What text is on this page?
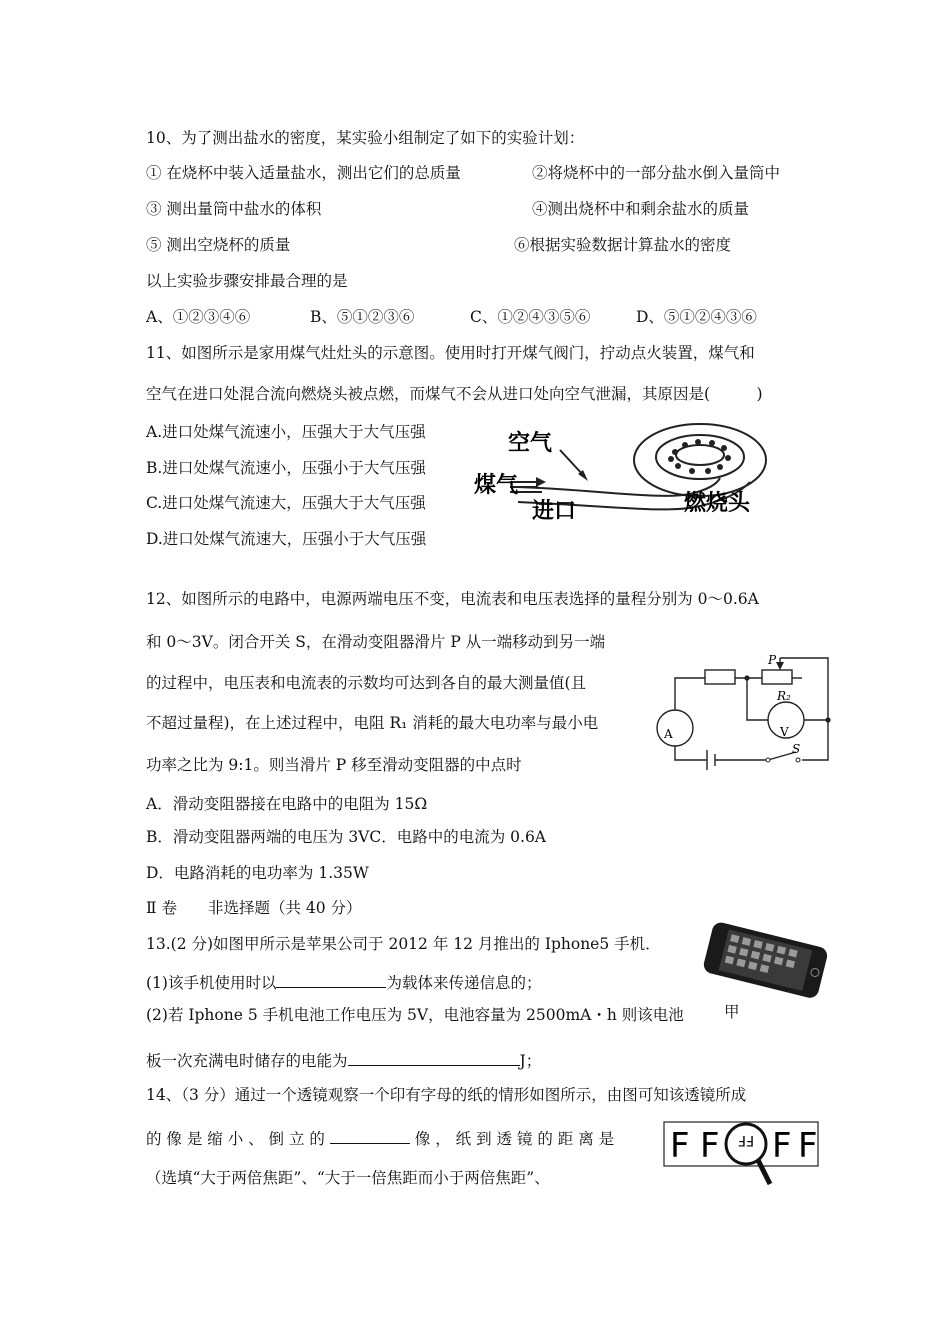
10、为了测出盐水的密度，某实验小组制定了如下的实验计划：
① 在烧杯中装入适量盐水，测出它们的总质量	②将烧杯中的一部分盐水倒入量筒中
③ 测出量筒中盐水的体积	④测出烧杯中和剩余盐水的质量
⑤ 测出空烧杯的质量	⑥根据实验数据计算盐水的密度
以上实验步骤安排最合理的是
A、①②③④⑥	B、⑤①②③⑥	C、①②④③⑤⑥	D、⑤①②④③⑥
11、如图所示是家用煤气灶灶头的示意图。使用时打开煤气阀门，拧动点火装置，煤气和
空气在进口处混合流向燃烧头被点燃，而煤气不会从进口处向空气泄漏，其原因是(　　　)
A.进口处煤气流速小，压强大于大气压强
B.进口处煤气流速小，压强小于大气压强
C.进口处煤气流速大，压强大于大气压强
D.进口处煤气流速大，压强小于大气压强
空气
煤气
进口	燃烧头
12、如图所示的电路中，电源两端电压不变，电流表和电压表选择的量程分别为 0～0.6A
和 0～3V。闭合开关 S，在滑动变阻器滑片 P 从一端移动到另一端
的过程中，电压表和电流表的示数均可达到各自的最大测量值(且
不超过量程)，在上述过程中，电阻 R₁ 消耗的最大电功率与最小电
功率之比为 9:1。则当滑片 P 移至滑动变阻器的中点时
A．滑动变阻器接在电路中的电阻为 15Ω
B．滑动变阻器两端的电压为 3VC．电路中的电流为 0.6A
D．电路消耗的电功率为 1.35W
P
R₂
V
A
S
Ⅱ 卷　　非选择题（共 40 分）
13.(2 分)如图甲所示是苹果公司于 2012 年 12 月推出的 Iphone5 手机．
(1)该手机使用时以	为载体来传递信息的；
(2)若 Iphone 5 手机电池工作电压为 5V，电池容量为 2500mA・h 则该电池
板一次充满电时储存的电能为	J；
甲
14、（3 分）通过一个透镜观察一个印有字母的纸的情形如图所示，由图可知该透镜所成
的 像 是 缩 小 、 倒 立 的	像 ， 纸 到 透 镜 的 距 离 是
（选填“大于两倍焦距”、“大于一倍焦距而小于两倍焦距”、
F F FF F F
